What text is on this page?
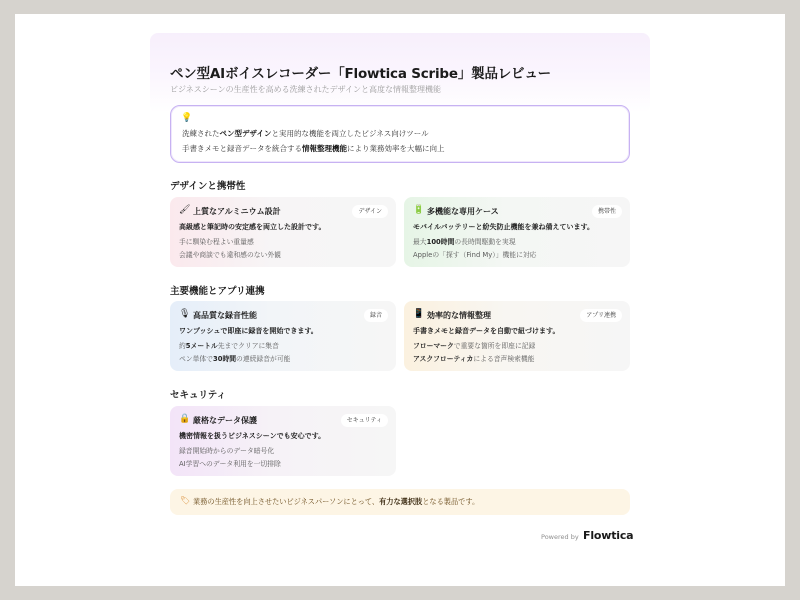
ペン型AIボイスレコーダー「Flowtica Scribe」製品レビュー
ビジネスシーンの生産性を高める洗練されたデザインと高度な情報整理機能
💡
洗練されたペン型デザインと実用的な機能を両立したビジネス向けツール
手書きメモと録音データを統合する情報整理機能により業務効率を大幅に向上
デザインと携帯性
🖌 上質なアルミニウム設計	デザイン
高級感と筆記時の安定感を両立した設計です。
手に馴染む程よい重量感
会議や商談でも違和感のない外観
🔋 多機能な専用ケース	携帯性
モバイルバッテリーと紛失防止機能を兼ね備えています。
最大100時間の長時間駆動を実現
Appleの「探す（Find My）」機能に対応
主要機能とアプリ連携
🎙 高品質な録音性能	録音
ワンプッシュで即座に録音を開始できます。
約5メートル先までクリアに集音
ペン単体で30時間の連続録音が可能
📱 効率的な情報整理	アプリ連携
手書きメモと録音データを自動で紐づけます。
フローマークで重要な箇所を即座に記録
アスクフローティカによる音声検索機能
セキュリティ
🔒 厳格なデータ保護	セキュリティ
機密情報を扱うビジネスシーンでも安心です。
録音開始時からのデータ暗号化
AI学習へのデータ利用を一切排除
🏷 業務の生産性を向上させたいビジネスパーソンにとって、有力な選択肢となる製品です。
Powered by Flowtica
